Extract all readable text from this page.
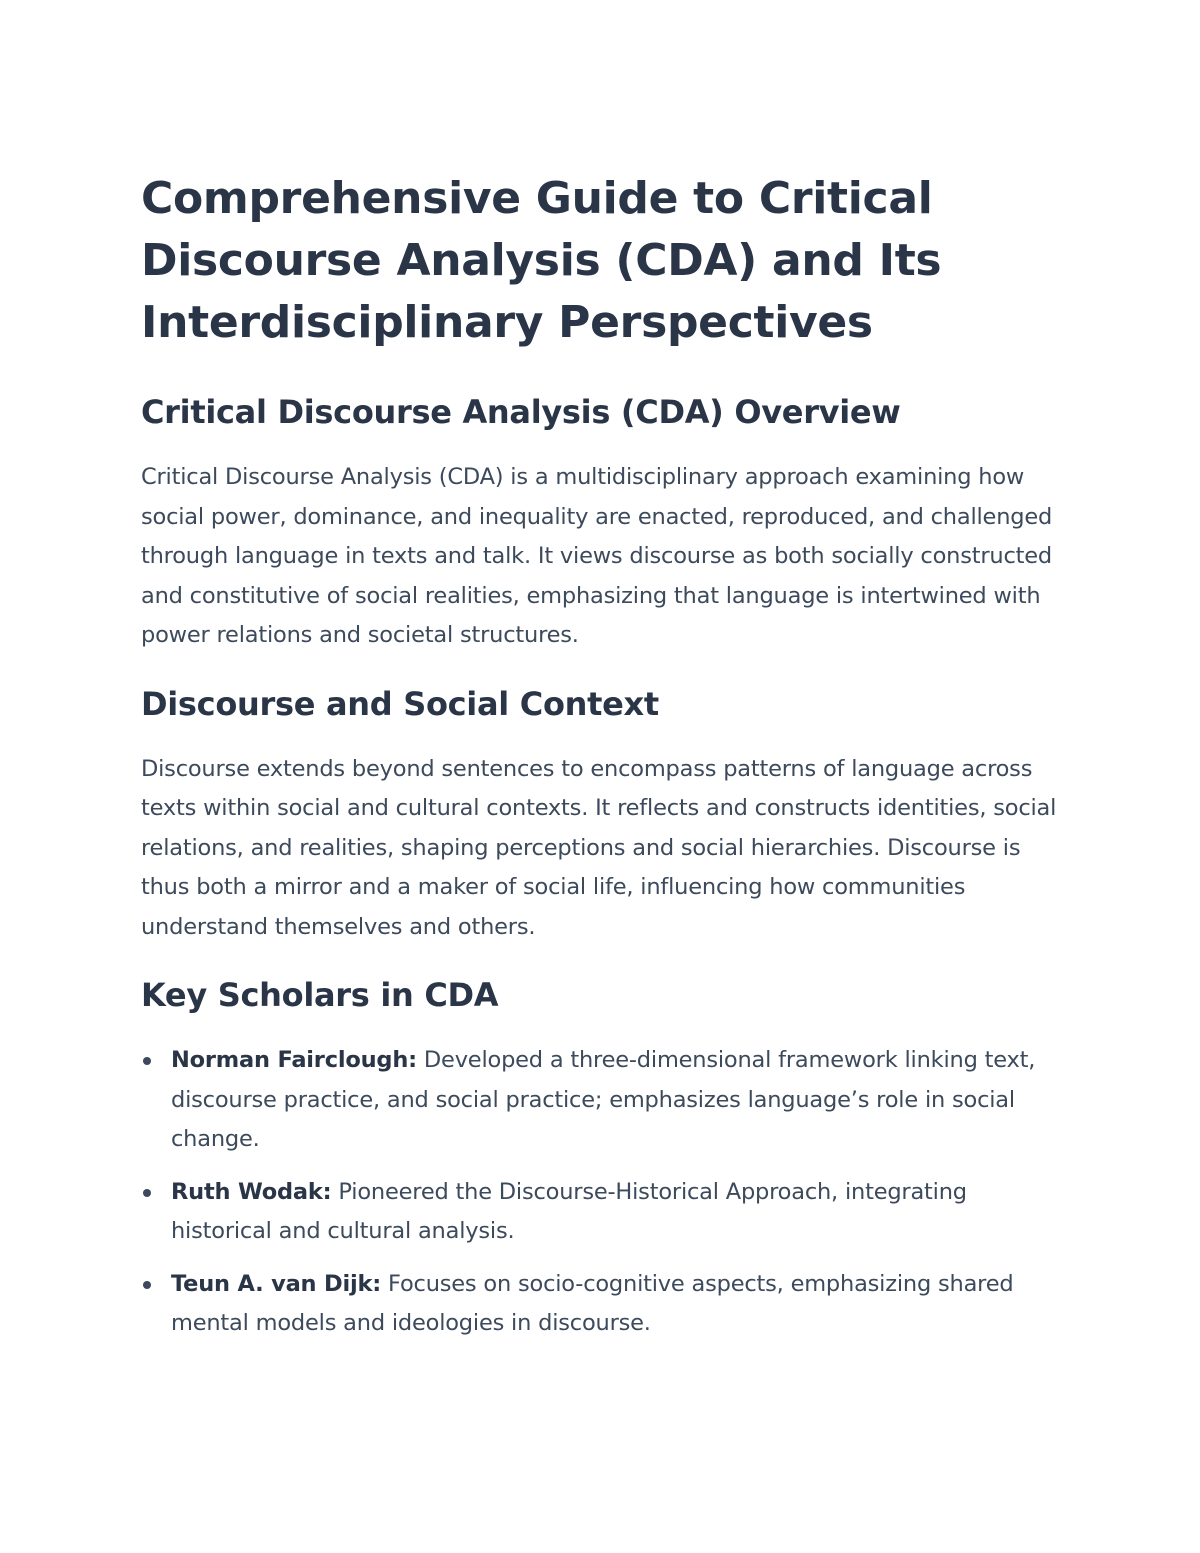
Comprehensive Guide to Critical
Discourse Analysis (CDA) and Its
Interdisciplinary Perspectives
Critical Discourse Analysis (CDA) Overview

Critical Discourse Analysis (CDA) is a multidisciplinary approach examining how social power, dominance, and inequality are enacted, reproduced, and challenged through language in texts and talk. It views discourse as both socially constructed and constitutive of social realities, emphasizing that language is intertwined with power relations and societal structures.

Discourse and Social Context

Discourse extends beyond sentences to encompass patterns of language across texts within social and cultural contexts. It reflects and constructs identities, social relations, and realities, shaping perceptions and social hierarchies. Discourse is thus both a mirror and a maker of social life, influencing how communities understand themselves and others.

Key Scholars in CDA
Norman Fairclough: Developed a three-dimensional framework linking text, discourse practice, and social practice; emphasizes language’s role in social change.
Ruth Wodak: Pioneered the Discourse-Historical Approach, integrating historical and cultural analysis.
Teun A. van Dijk: Focuses on socio-cognitive aspects, emphasizing shared mental models and ideologies in discourse.
